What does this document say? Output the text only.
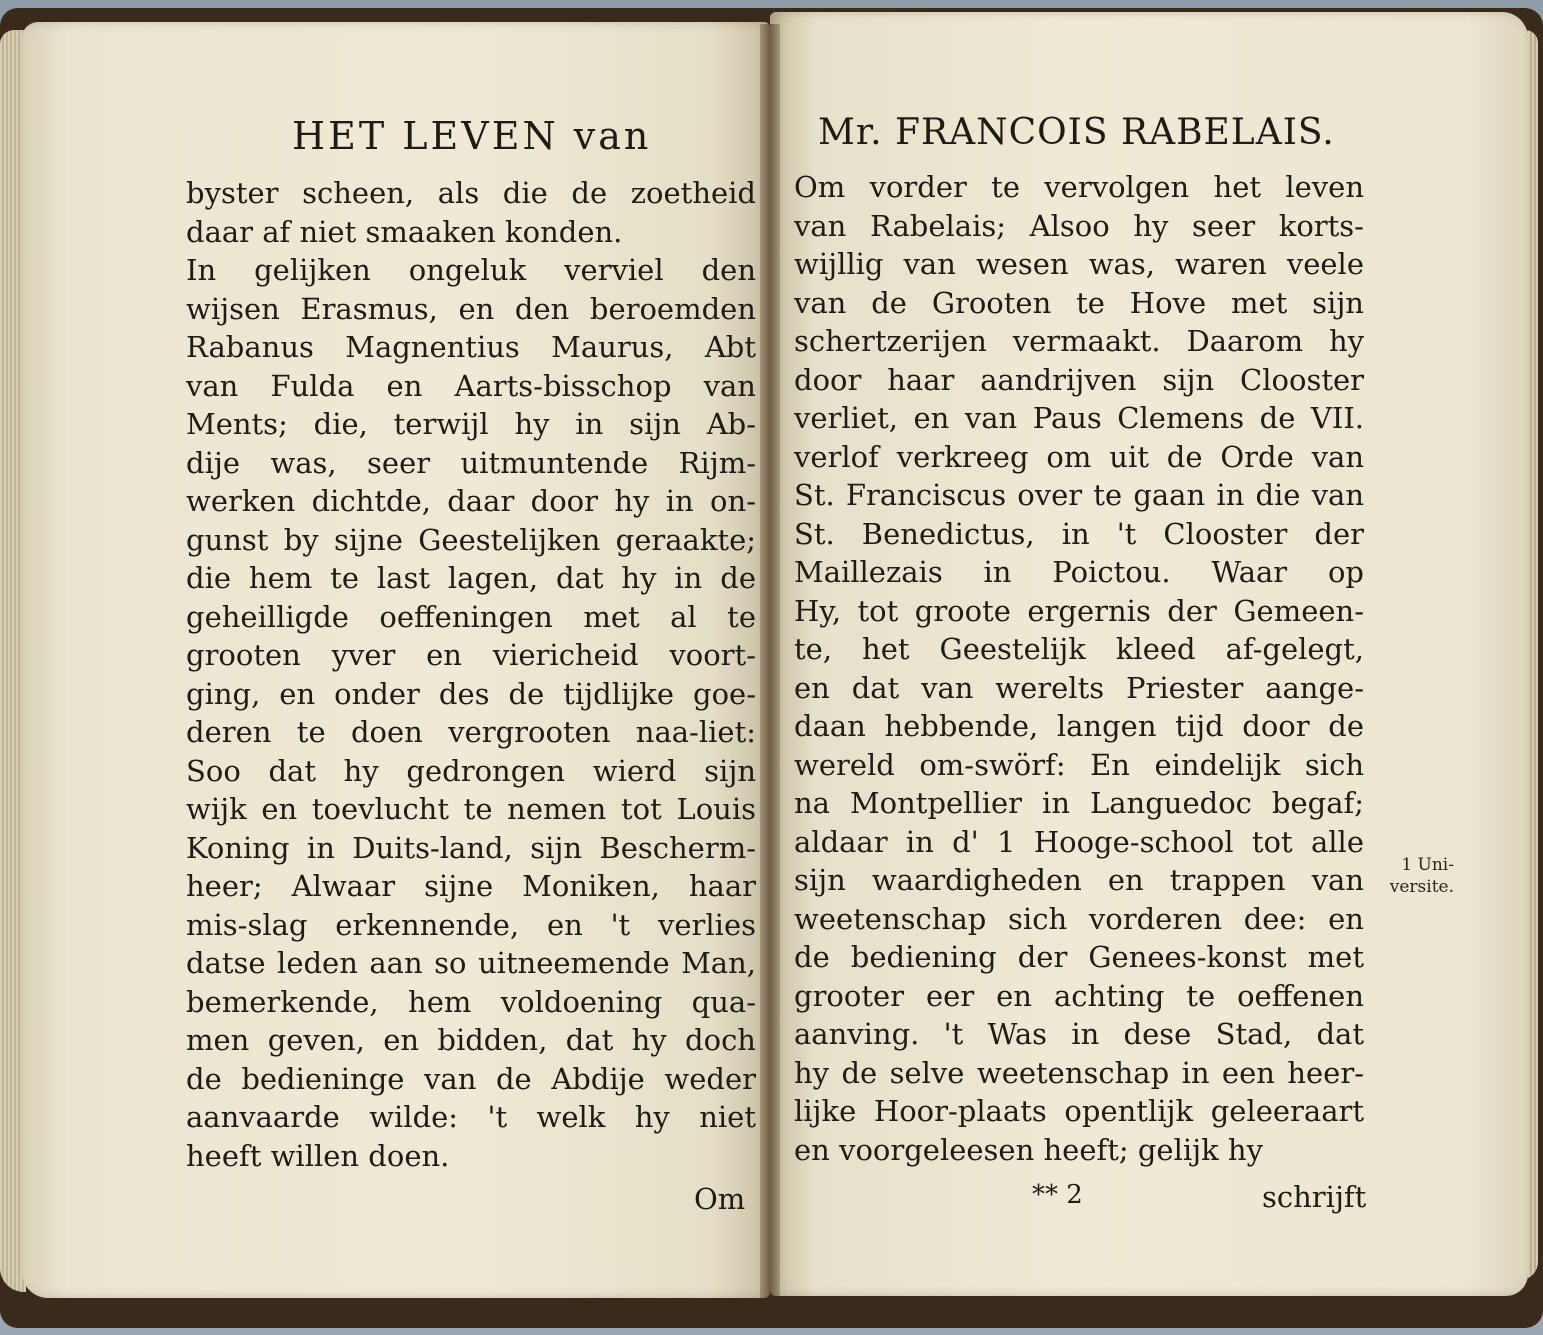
HET LEVEN van
byster scheen, als die de zoetheid
daar af niet smaaken konden.
In gelijken ongeluk verviel den
wijsen Erasmus, en den beroemden
Rabanus Magnentius Maurus, Abt
van Fulda en Aarts-bisschop van
Ments; die, terwijl hy in sijn Ab-
dije was, seer uitmuntende Rijm-
werken dichtde, daar door hy in on-
gunst by sijne Geestelijken geraakte;
die hem te last lagen, dat hy in de
geheilligde oeffeningen met al te
grooten yver en viericheid voort-
ging, en onder des de tijdlijke goe-
deren te doen vergrooten naa-liet:
Soo dat hy gedrongen wierd sijn
wijk en toevlucht te nemen tot Louis
Koning in Duits-land, sijn Bescherm-
heer; Alwaar sijne Moniken, haar
mis-slag erkennende, en 't verlies
datse leden aan so uitneemende Man,
bemerkende, hem voldoening qua-
men geven, en bidden, dat hy doch
de bedieninge van de Abdije weder
aanvaarde wilde: 't welk hy niet
heeft willen doen.
Om
Mr. FRANCOIS RABELAIS.
Om vorder te vervolgen het leven
van Rabelais; Alsoo hy seer korts-
wijllig van wesen was, waren veele
van de Grooten te Hove met sijn
schertzerijen vermaakt. Daarom hy
door haar aandrijven sijn Clooster
verliet, en van Paus Clemens de VII.
verlof verkreeg om uit de Orde van
St. Franciscus over te gaan in die van
St. Benedictus, in 't Clooster der
Maillezais in Poictou. Waar op
Hy, tot groote ergernis der Gemeen-
te, het Geestelijk kleed af-gelegt,
en dat van werelts Priester aange-
daan hebbende, langen tijd door de
wereld om-swörf: En eindelijk sich
na Montpellier in Languedoc begaf;
aldaar in d' 1 Hooge-school tot alle
sijn waardigheden en trappen van
weetenschap sich vorderen dee: en
de bediening der Genees-konst met
grooter eer en achting te oeffenen
aanving. 't Was in dese Stad, dat
hy de selve weetenschap in een heer-
lijke Hoor-plaats opentlijk geleeraart
en voorgeleesen heeft; gelijk hy
1 Uni-
versite.
** 2	schrijft
